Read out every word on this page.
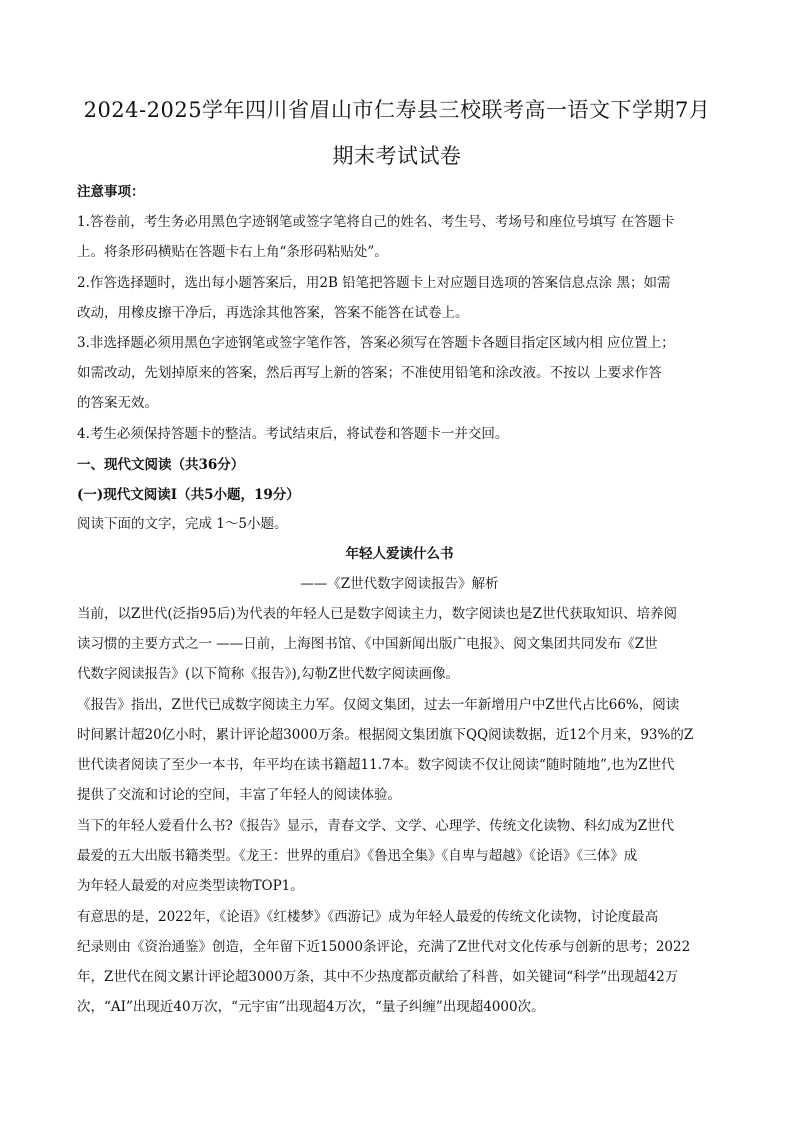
2024-2025学年四川省眉山市仁寿县三校联考高一语文下学期7月
期末考试试卷
注意事项：
1.答卷前，考生务必用黑色字迹钢笔或签字笔将自己的姓名、考生号、考场号和座位号填写 在答题卡
上。将条形码横贴在答题卡右上角“条形码粘贴处”。
2.作答选择题时，选出每小题答案后，用2B 铅笔把答题卡上对应题目选项的答案信息点涂 黑；如需
改动，用橡皮擦干净后，再选涂其他答案，答案不能答在试卷上。
3.非选择题必须用黑色字迹钢笔或签字笔作答，答案必须写在答题卡各题目指定区域内相 应位置上；
如需改动，先划掉原来的答案，然后再写上新的答案；不准使用铅笔和涂改液。不按以 上要求作答
的答案无效。
4.考生必须保持答题卡的整洁。考试结束后，将试卷和答题卡一并交回。
一、现代文阅读（共36分）
(一)现代文阅读I（共5小题，19分）
阅读下面的文字，完成 1～5小题。
年轻人爱读什么书
——《Z世代数字阅读报告》解析
当前，以Z世代(泛指95后)为代表的年轻人已是数字阅读主力，数字阅读也是Z世代获取知识、培养阅
读习惯的主要方式之一 ——日前，上海图书馆、《中国新闻出版广电报》、阅文集团共同发布《Z世
代数字阅读报告》(以下简称《报告》),勾勒Z世代数字阅读画像。
《报告》指出，Z世代已成数字阅读主力军。仅阅文集团，过去一年新增用户中Z世代占比66%，阅读
时间累计超20亿小时，累计评论超3000万条。根据阅文集团旗下QQ阅读数据，近12个月来，93%的Z
世代读者阅读了至少一本书，年平均在读书籍超11.7本。数字阅读不仅让阅读“随时随地”,也为Z世代
提供了交流和讨论的空间，丰富了年轻人的阅读体验。
当下的年轻人爱看什么书?《报告》显示，青春文学、文学、心理学、传统文化读物、科幻成为Z世代
最爱的五大出版书籍类型。《龙王：世界的重启》《鲁迅全集》《自卑与超越》《论语》《三体》成
为年轻人最爱的对应类型读物TOP1。
有意思的是，2022年，《论语》《红楼梦》《西游记》成为年轻人最爱的传统文化读物，讨论度最高
纪录则由《资治通鉴》创造，全年留下近15000条评论，充满了Z世代对文化传承与创新的思考；2022
年，Z世代在阅文累计评论超3000万条，其中不少热度都贡献给了科普，如关键词“科学”出现超42万
次，“AI”出现近40万次，“元宇宙”出现超4万次，“量子纠缠”出现超4000次。
